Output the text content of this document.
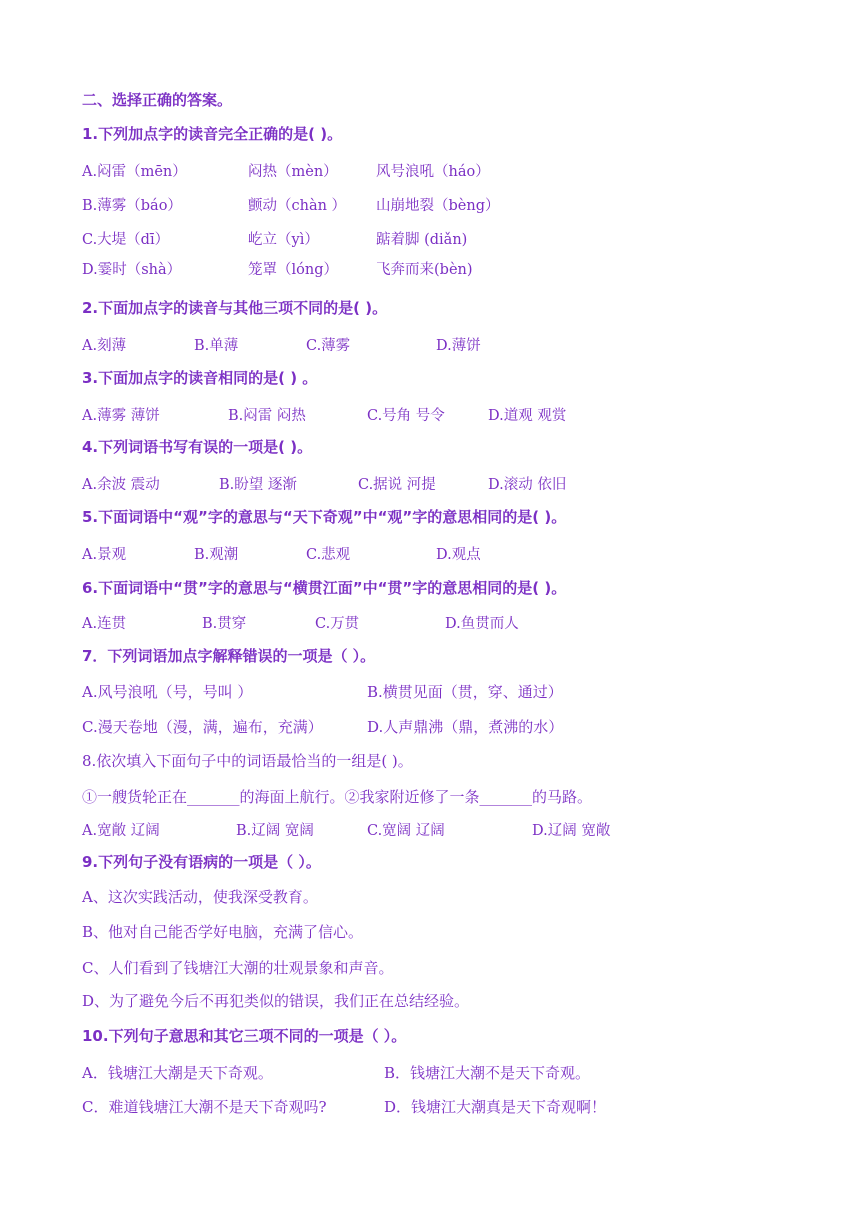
二、选择正确的答案。
1.下列加点字的读音完全正确的是( )。
A.闷雷（mēn）	闷热（mèn）	风号浪吼（háo）
B.薄雾（báo）	颤动（chàn ） 山崩地裂（bèng）
C.大堤（dī）	屹立（yì）	踮着脚 (diǎn)
D.霎时（shà）	笼罩（lóng）	飞奔而来(bèn)
2.下面加点字的读音与其他三项不同的是( )。
A.刻薄	B.单薄	C.薄雾	D.薄饼
3.下面加点字的读音相同的是( ) 。
A.薄雾 薄饼	B.闷雷 闷热	C.号角 号令	D.道观 观赏
4.下列词语书写有误的一项是( )。
A.余波 震动	B.盼望 逐渐	C.据说 河提	D.滚动 依旧
5.下面词语中“观”字的意思与“天下奇观”中“观”字的意思相同的是( )。
A.景观	B.观潮	C.悲观	D.观点
6.下面词语中“贯”字的意思与“横贯江面”中“贯”字的意思相同的是( )。
A.连贯	B.贯穿	C.万贯	D.鱼贯而人
7．下列词语加点字解释错误的一项是（ ）。
A.风号浪吼（号，号叫 ）	B.横贯见面（贯，穿、通过）
C.漫天卷地（漫，满，遍布，充满）	D.人声鼎沸（鼎，煮沸的水）
8.依次填入下面句子中的词语最恰当的一组是( )。
①一艘货轮正在_______的海面上航行。②我家附近修了一条_______的马路。
A.宽敞 辽阔	B.辽阔 宽阔	C.宽阔 辽阔	D.辽阔 宽敞
9.下列句子没有语病的一项是（ ）。
A、这次实践活动，使我深受教育。
B、他对自己能否学好电脑，充满了信心。
C、人们看到了钱塘江大潮的壮观景象和声音。
D、为了避免今后不再犯类似的错误，我们正在总结经验。
10.下列句子意思和其它三项不同的一项是（ ）。
A．钱塘江大潮是天下奇观。	B．钱塘江大潮不是天下奇观。
C．难道钱塘江大潮不是天下奇观吗?	D．钱塘江大潮真是天下奇观啊！
